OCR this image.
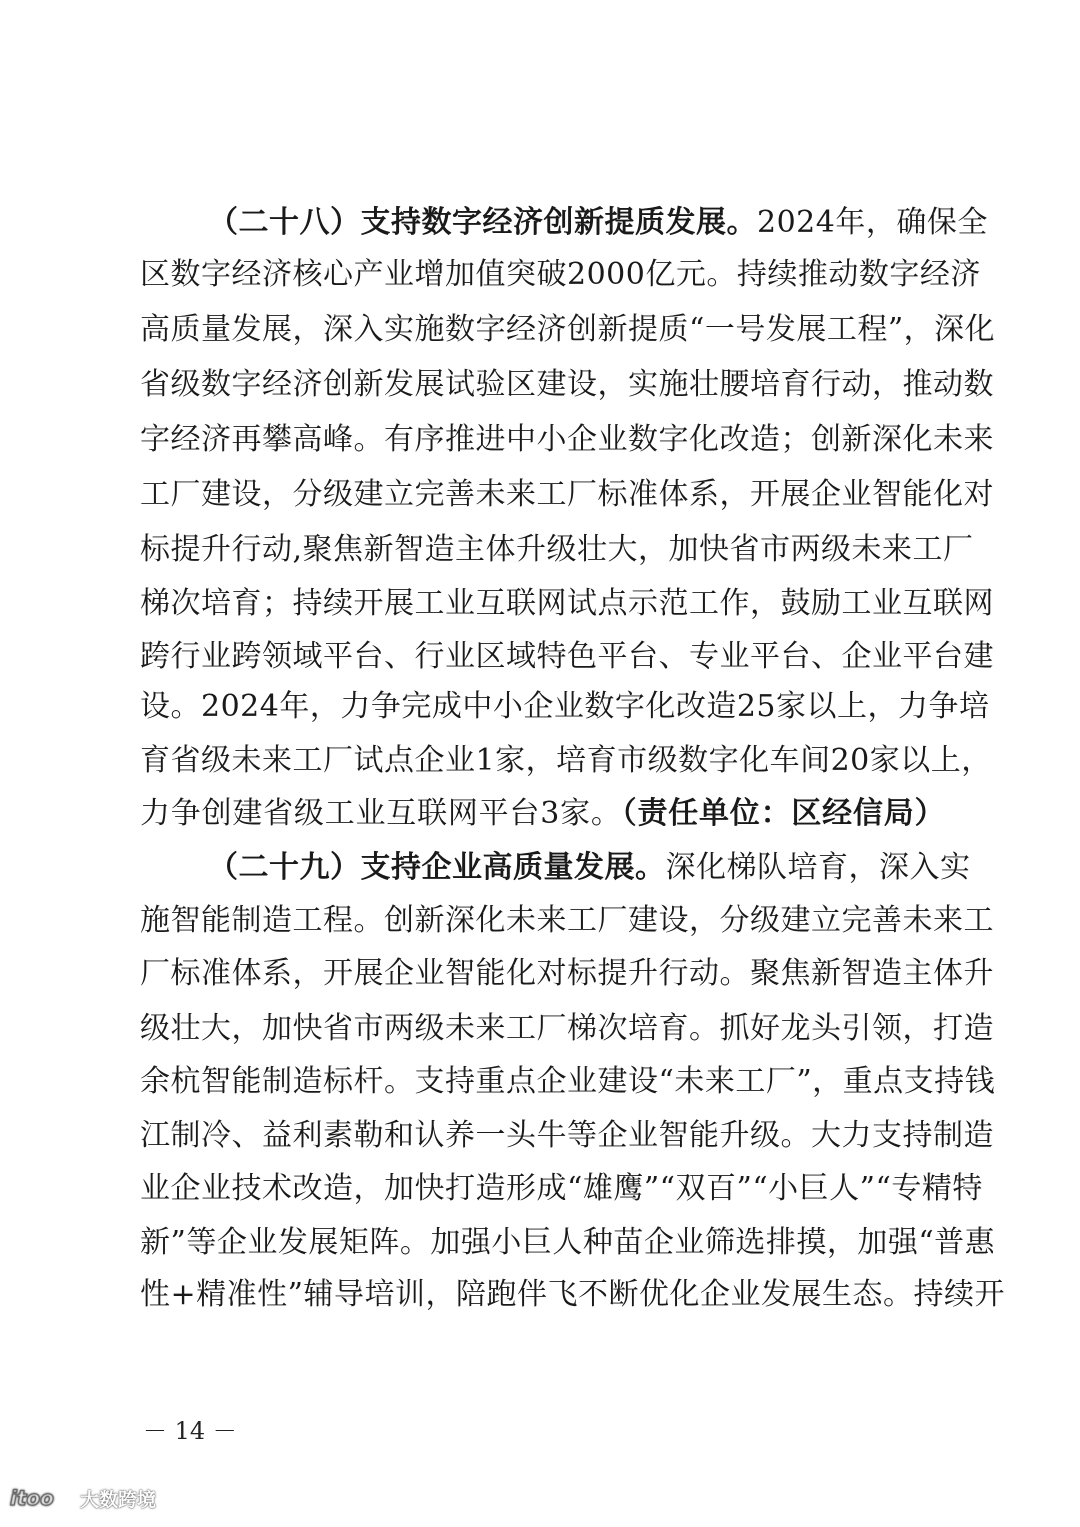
（二十八）支持数字经济创新提质发展。2024年，确保全
区数字经济核心产业增加值突破2000亿元。持续推动数字经济
高质量发展，深入实施数字经济创新提质“一号发展工程”，深化
省级数字经济创新发展试验区建设，实施壮腰培育行动，推动数
字经济再攀高峰。有序推进中小企业数字化改造；创新深化未来
工厂建设，分级建立完善未来工厂标准体系，开展企业智能化对
标提升行动,聚焦新智造主体升级壮大，加快省市两级未来工厂
梯次培育；持续开展工业互联网试点示范工作，鼓励工业互联网
跨行业跨领域平台、行业区域特色平台、专业平台、企业平台建
设。2024年，力争完成中小企业数字化改造25家以上，力争培
育省级未来工厂试点企业1家，培育市级数字化车间20家以上，
力争创建省级工业互联网平台3家。（责任单位：区经信局）
（二十九）支持企业高质量发展。深化梯队培育，深入实
施智能制造工程。创新深化未来工厂建设，分级建立完善未来工
厂标准体系，开展企业智能化对标提升行动。聚焦新智造主体升
级壮大，加快省市两级未来工厂梯次培育。抓好龙头引领，打造
余杭智能制造标杆。支持重点企业建设“未来工厂”，重点支持钱
江制冷、益利素勒和认养一头牛等企业智能升级。大力支持制造
业企业技术改造，加快打造形成“雄鹰”“双百”“小巨人”“专精特
新”等企业发展矩阵。加强小巨人种苗企业筛选排摸，加强“普惠
性+精准性”辅导培训，陪跑伴飞不断优化企业发展生态。持续开
－ 14 －
itoo 大数跨境
